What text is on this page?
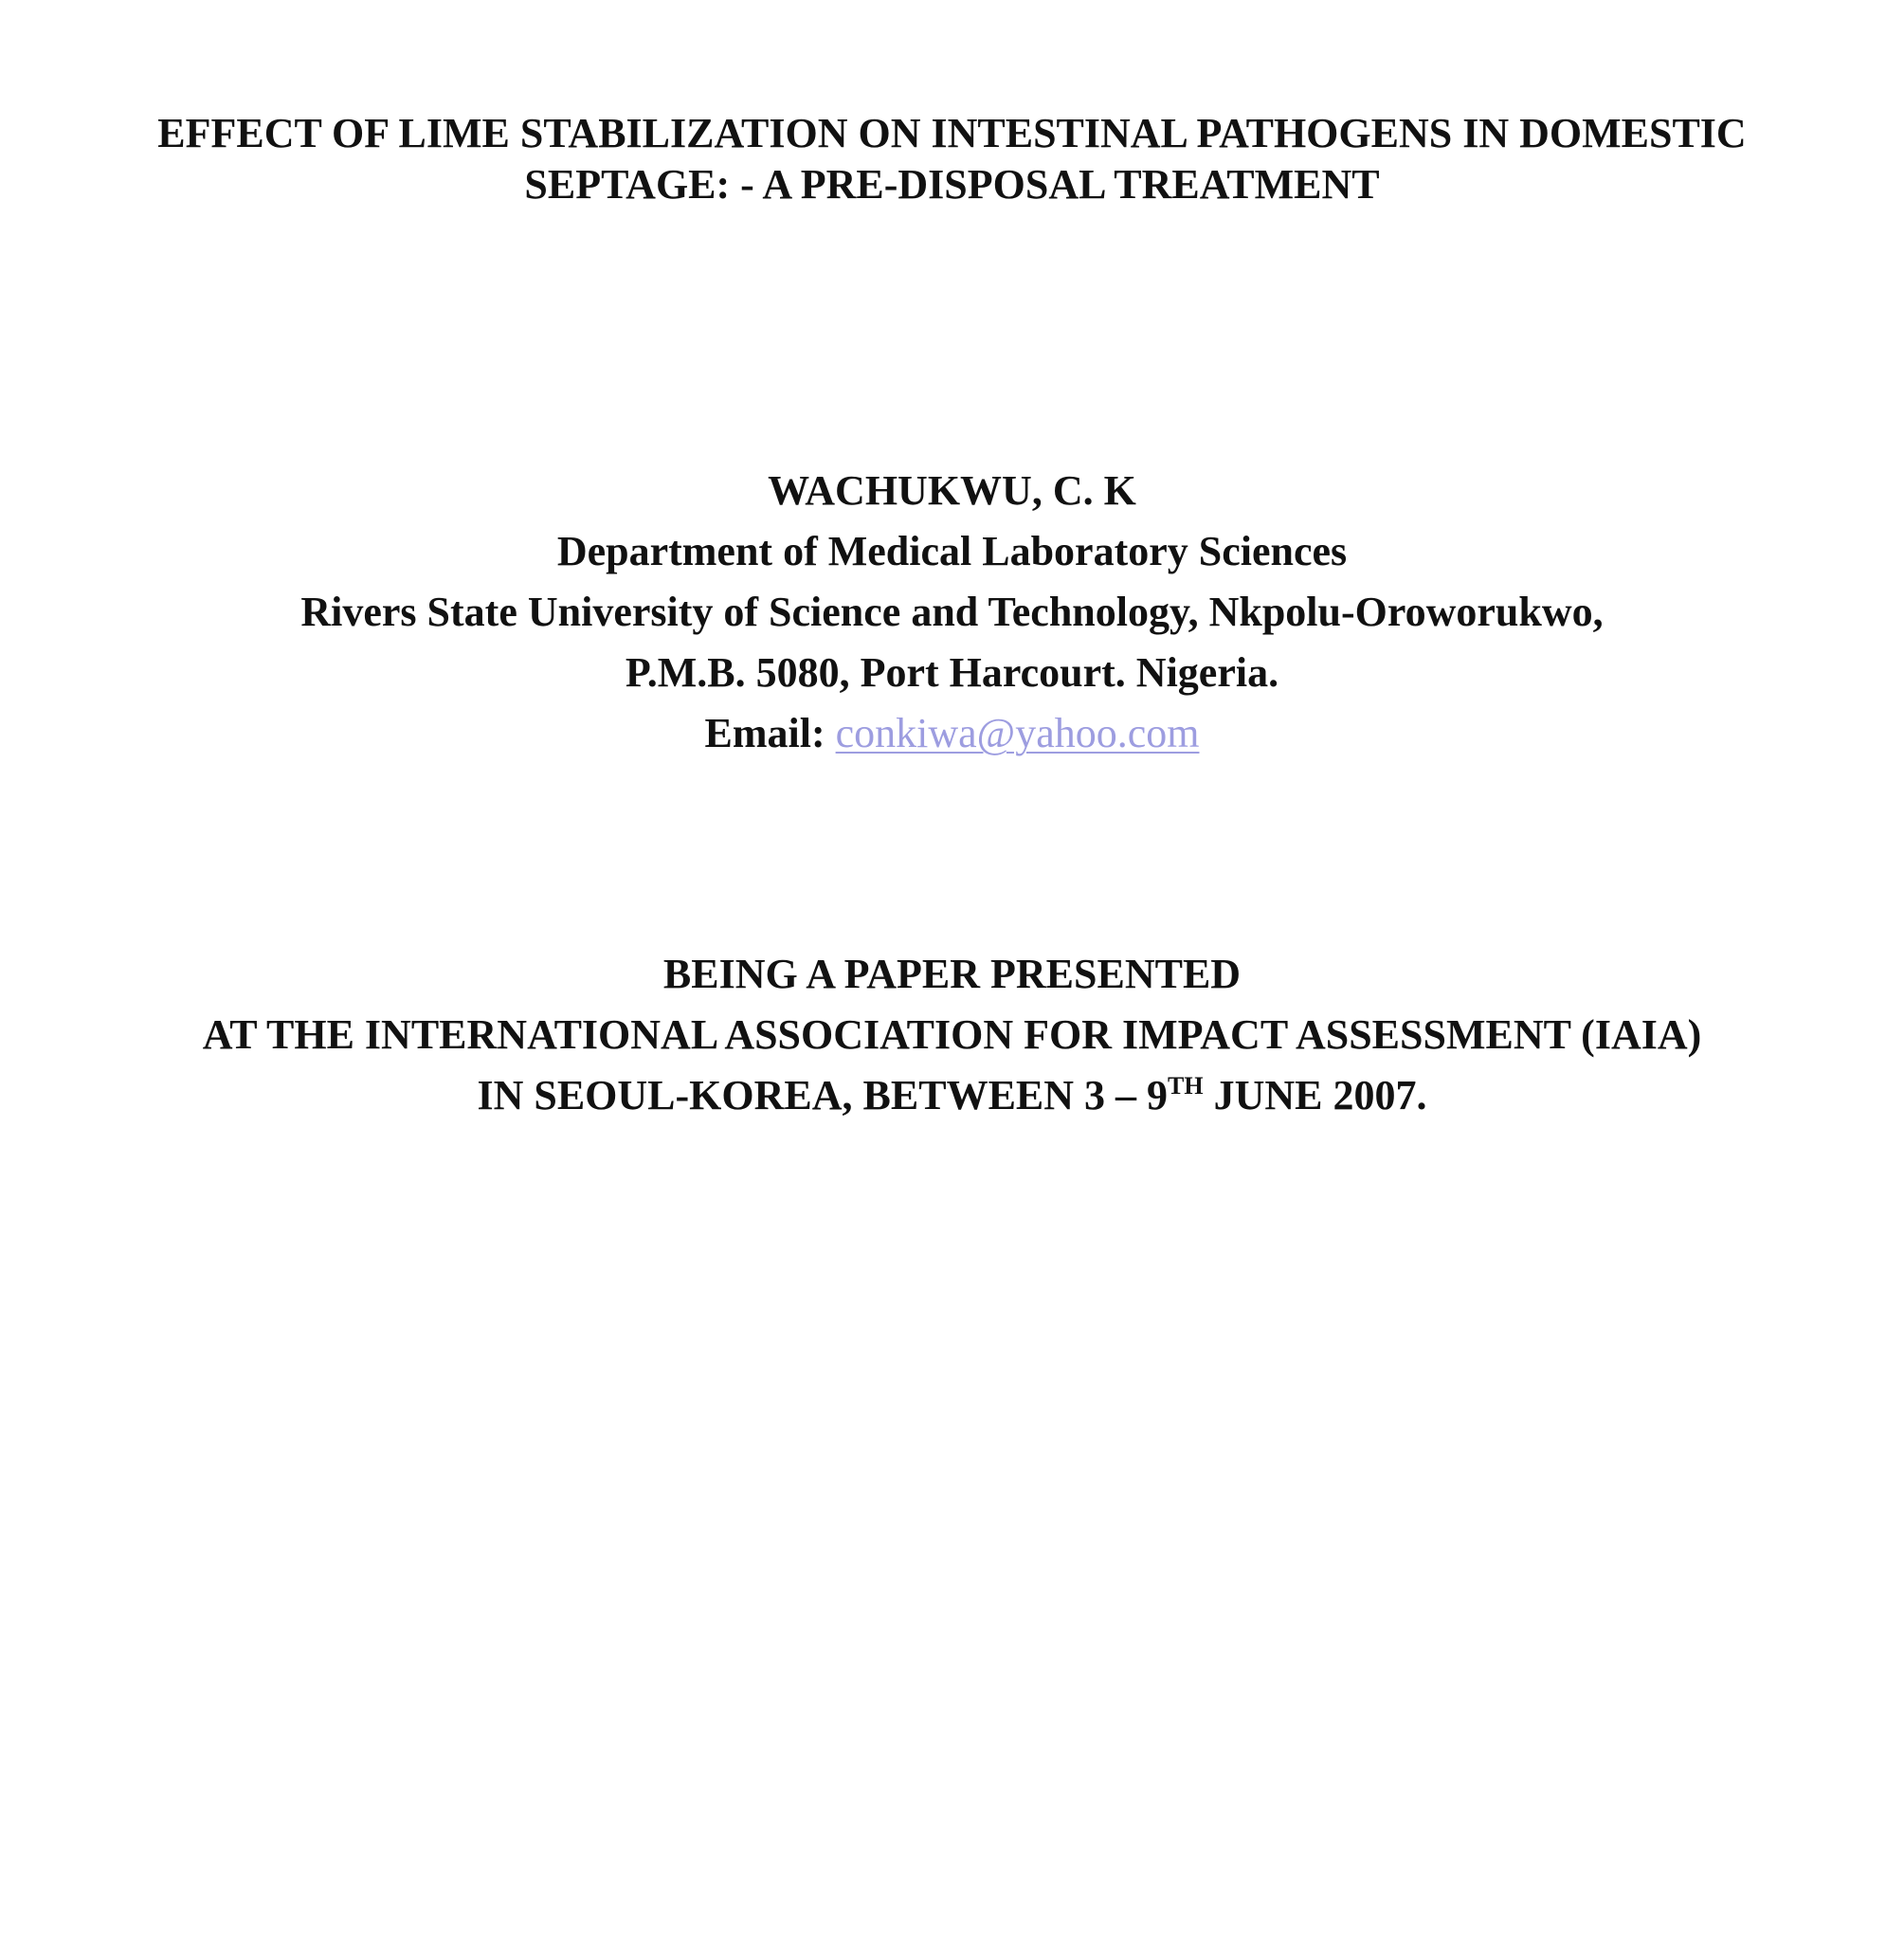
EFFECT OF LIME STABILIZATION ON INTESTINAL PATHOGENS IN DOMESTIC
SEPTAGE: - A PRE-DISPOSAL TREATMENT
WACHUKWU, C. K
Department of Medical Laboratory Sciences
Rivers State University of Science and Technology, Nkpolu-Oroworukwo,
P.M.B. 5080, Port Harcourt. Nigeria.
Email: conkiwa@yahoo.com
BEING A PAPER PRESENTED
AT THE INTERNATIONAL ASSOCIATION FOR IMPACT ASSESSMENT (IAIA)
IN SEOUL-KOREA, BETWEEN 3 – 9TH JUNE 2007.
